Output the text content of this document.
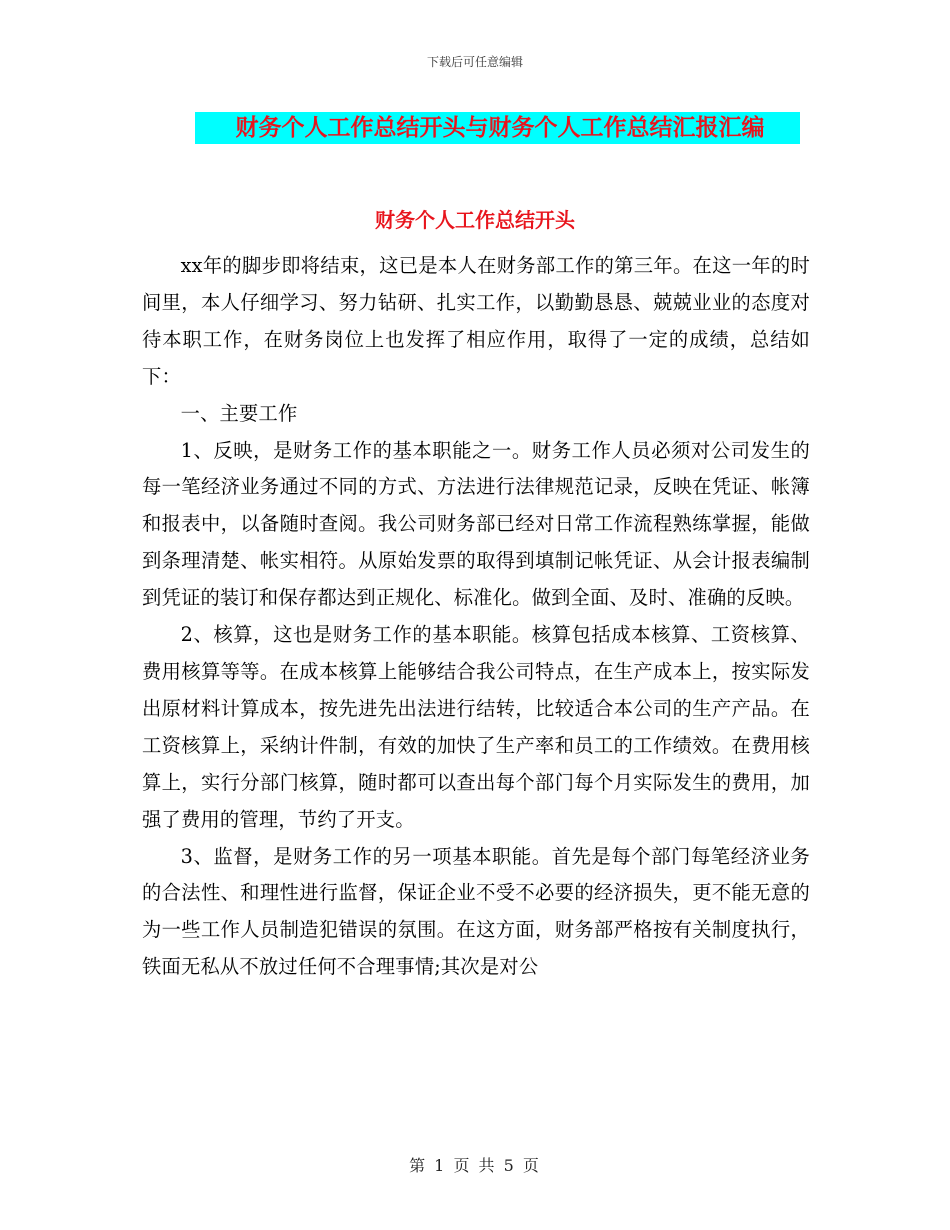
下载后可任意编辑
财务个人工作总结开头与财务个人工作总结汇报汇编
财务个人工作总结开头

xx年的脚步即将结束，这已是本人在财务部工作的第三年。在这一年的时间里，本人仔细学习、努力钻研、扎实工作，以勤勤恳恳、兢兢业业的态度对待本职工作，在财务岗位上也发挥了相应作用，取得了一定的成绩，总结如下：

一、主要工作

1、反映，是财务工作的基本职能之一。财务工作人员必须对公司发生的每一笔经济业务通过不同的方式、方法进行法律规范记录，反映在凭证、帐簿和报表中，以备随时查阅。我公司财务部已经对日常工作流程熟练掌握，能做到条理清楚、帐实相符。从原始发票的取得到填制记帐凭证、从会计报表编制到凭证的装订和保存都达到正规化、标准化。做到全面、及时、准确的反映。

2、核算，这也是财务工作的基本职能。核算包括成本核算、工资核算、费用核算等等。在成本核算上能够结合我公司特点，在生产成本上，按实际发出原材料计算成本，按先进先出法进行结转，比较适合本公司的生产产品。在工资核算上，采纳计件制，有效的加快了生产率和员工的工作绩效。在费用核算上，实行分部门核算，随时都可以查出每个部门每个月实际发生的费用，加强了费用的管理，节约了开支。

3、监督，是财务工作的另一项基本职能。首先是每个部门每笔经济业务的合法性、和理性进行监督，保证企业不受不必要的经济损失，更不能无意的为一些工作人员制造犯错误的氛围。在这方面，财务部严格按有关制度执行，铁面无私从不放过任何不合理事情;其次是对公

第 1 页 共 5 页
